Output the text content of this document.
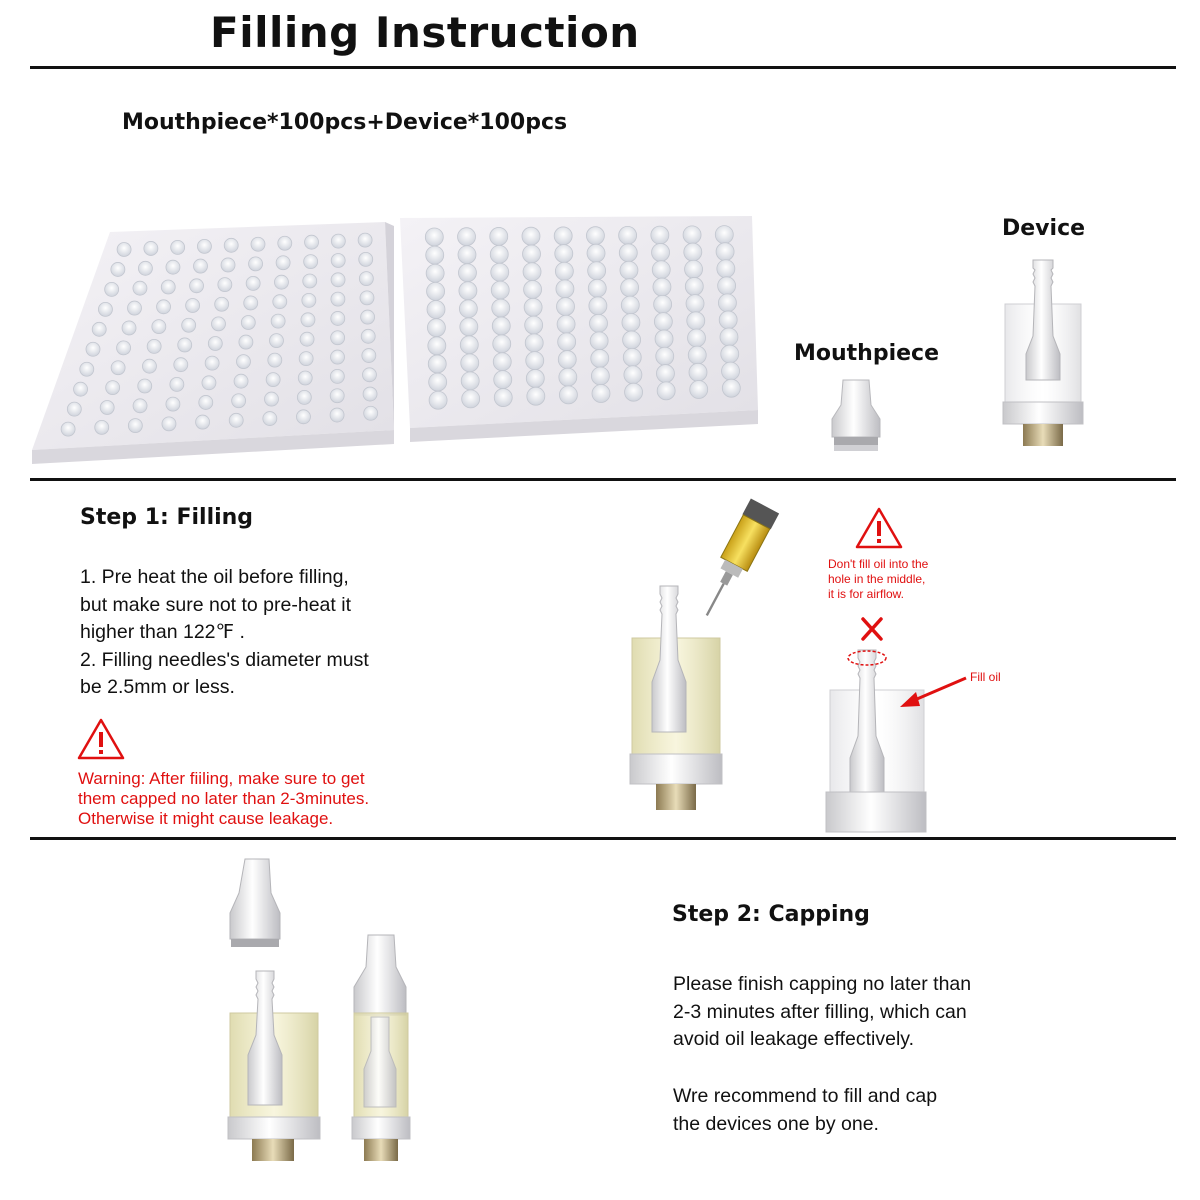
Filling Instruction
Mouthpiece*100pcs+Device*100pcs
Device
Mouthpiece
Step 1: Filling
1. Pre heat the oil before filling,
but make sure not to pre-heat it
higher than 122℉ .
2. Filling needles's diameter must
be 2.5mm or less.
Warning: After fiiling, make sure to get
them capped no later than 2-3minutes.
Otherwise it might cause leakage.
Don't fill oil into the
hole in the middle,
it is for airflow.
Fill oil
Step 2: Capping
Please finish capping no later than
2-3 minutes after filling, which can
avoid oil leakage effectively.
Wre recommend to fill and cap
the devices one by one.
